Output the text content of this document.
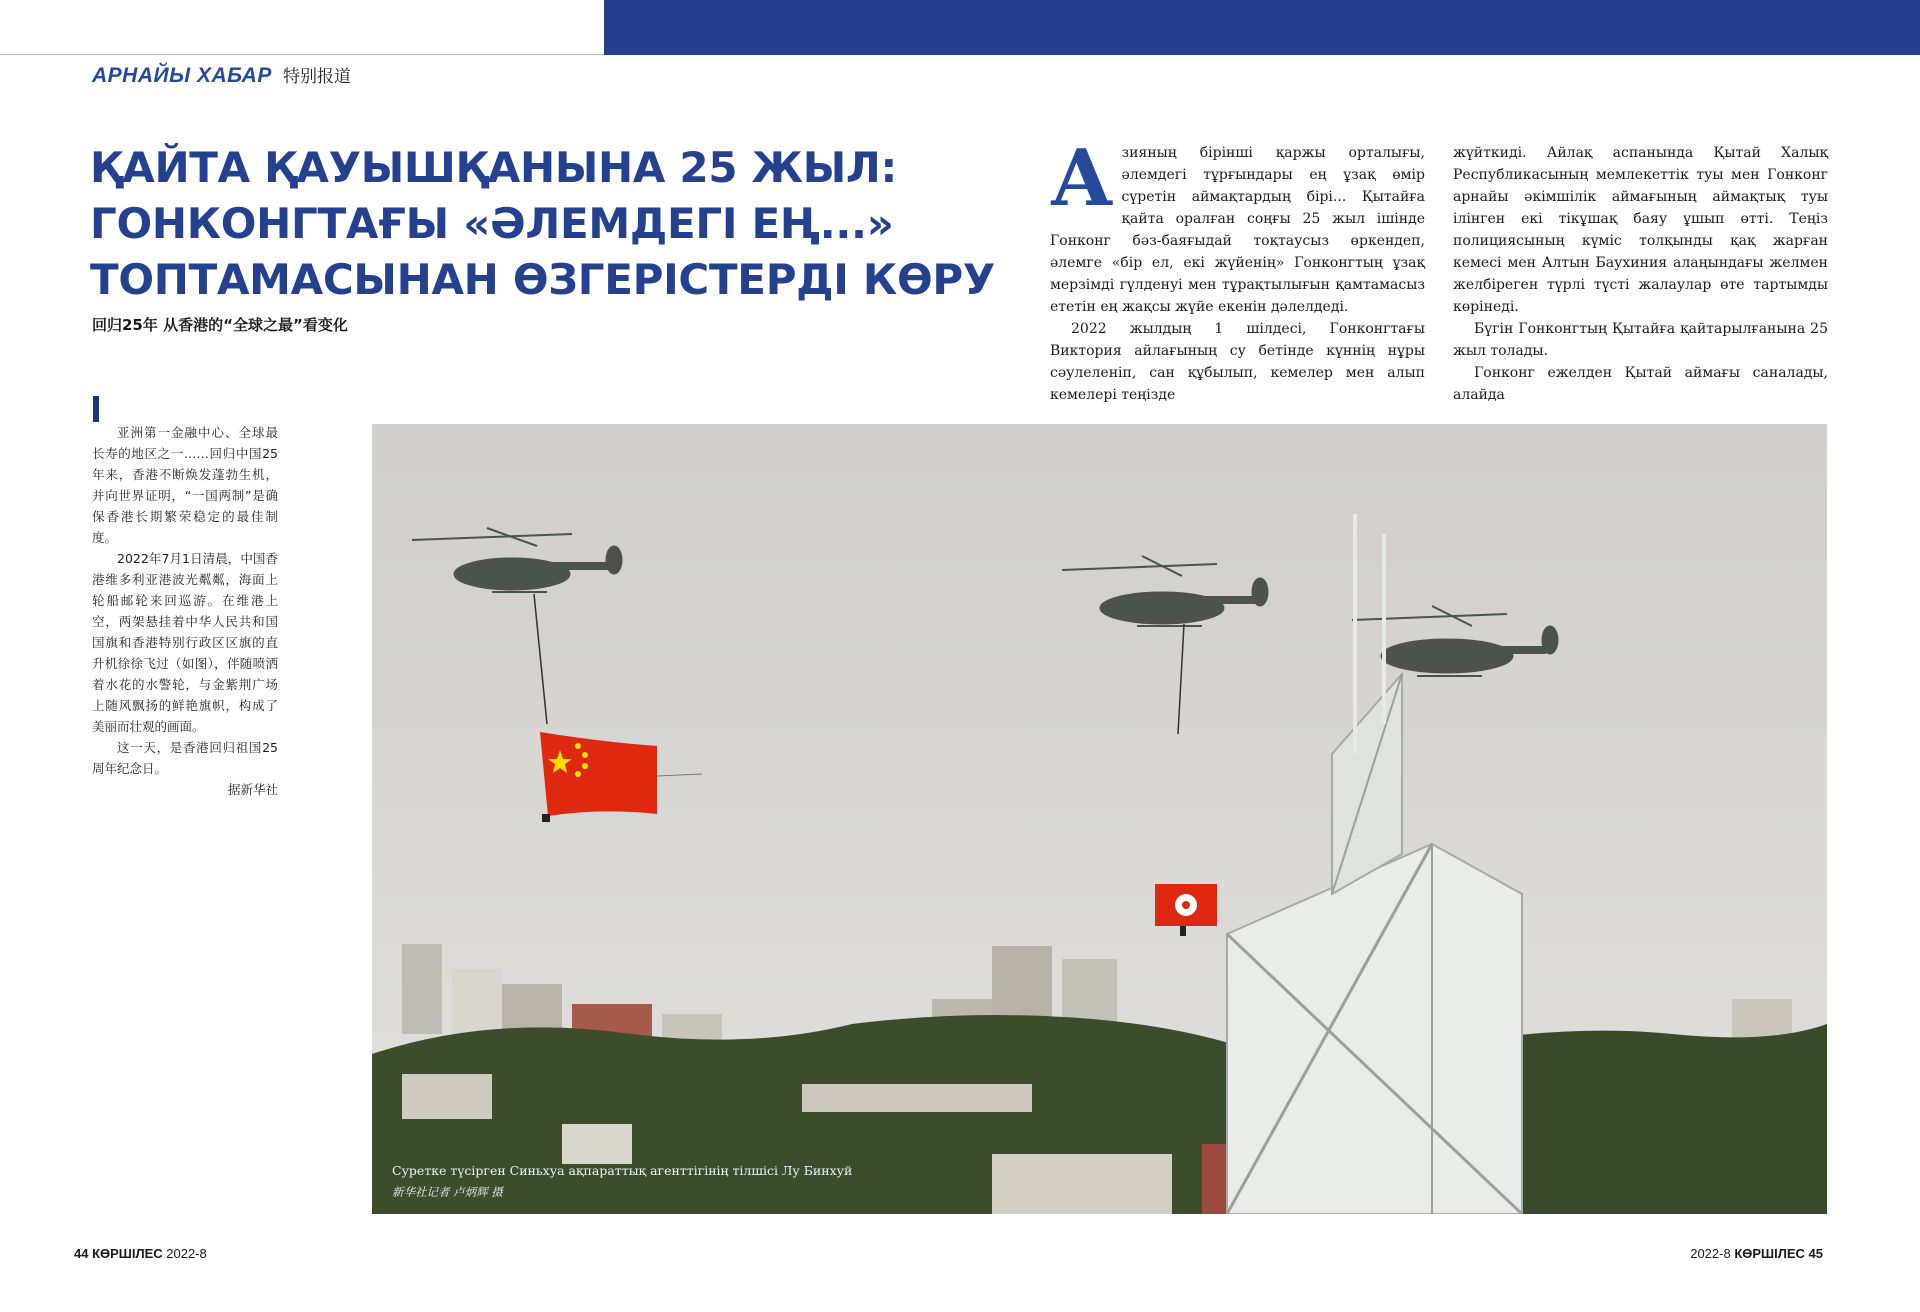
АРНАЙЫ ХАБАР 特别报道
ҚАЙТА ҚАУЫШҚАНЫНА 25 ЖЫЛ:
ГОНКОНГТАҒЫ «ӘЛЕМДЕГІ ЕҢ...»
ТОПТАМАСЫНАН ӨЗГЕРІСТЕРДІ КӨРУ
回归25年 从香港的“全球之最”看变化

Азияның бірінші қаржы орталығы, әлемдегі тұрғындары ең ұзақ өмір сүретін аймақтардың бірі... Қытайға қайта оралған соңғы 25 жыл ішінде Гонконг бәз-баяғыдай тоқтаусыз өркендеп, әлемге «бір ел, екі жүйенің» Гонконгтың ұзақ мерзімді гүлденуі мен тұрақтылығын қамтамасыз ететін ең жақсы жүйе екенін дәлелдеді.

2022 жылдың 1 шілдесі, Гонконгтағы Виктория айлағының су бетінде күннің нұры сәулеленіп, сан құбылып, кемелер мен алып кемелері теңізде

жүйткиді. Айлақ аспанында Қытай Халық Республикасының мемлекеттік туы мен Гонконг арнайы әкімшілік аймағының аймақтық туы ілінген екі тікұшақ баяу ұшып өтті. Теңіз полициясының күміс толқынды қақ жарған кемесі мен Алтын Баухиния алаңындағы желмен желбіреген түрлі түсті жалаулар өте тартымды көрінеді.

Бүгін Гонконгтың Қытайға қайтарылғанына 25 жыл толады.

Гонконг ежелден Қытай аймағы саналады, алайда

亚洲第一金融中心、全球最长寿的地区之一……回归中国25年来，香港不断焕发蓬勃生机，并向世界证明，“一国两制”是确保香港长期繁荣稳定的最佳制度。

2022年7月1日清晨，中国香港维多利亚港波光粼粼，海面上轮船邮轮来回巡游。在维港上空，两架悬挂着中华人民共和国国旗和香港特别行政区区旗的直升机徐徐飞过（如图），伴随喷洒着水花的水警轮，与金紫荆广场上随风飘扬的鲜艳旗帜，构成了美丽而壮观的画面。

这一天，是香港回归祖国25周年纪念日。

据新华社

Суретке түсірген Синьхуа ақпараттық агенттігінің тілшісі Лу Бинхуй
新华社记者 卢炳辉 摄
44 КӨРШІЛЕС 2022-8	2022-8 КӨРШІЛЕС 45
